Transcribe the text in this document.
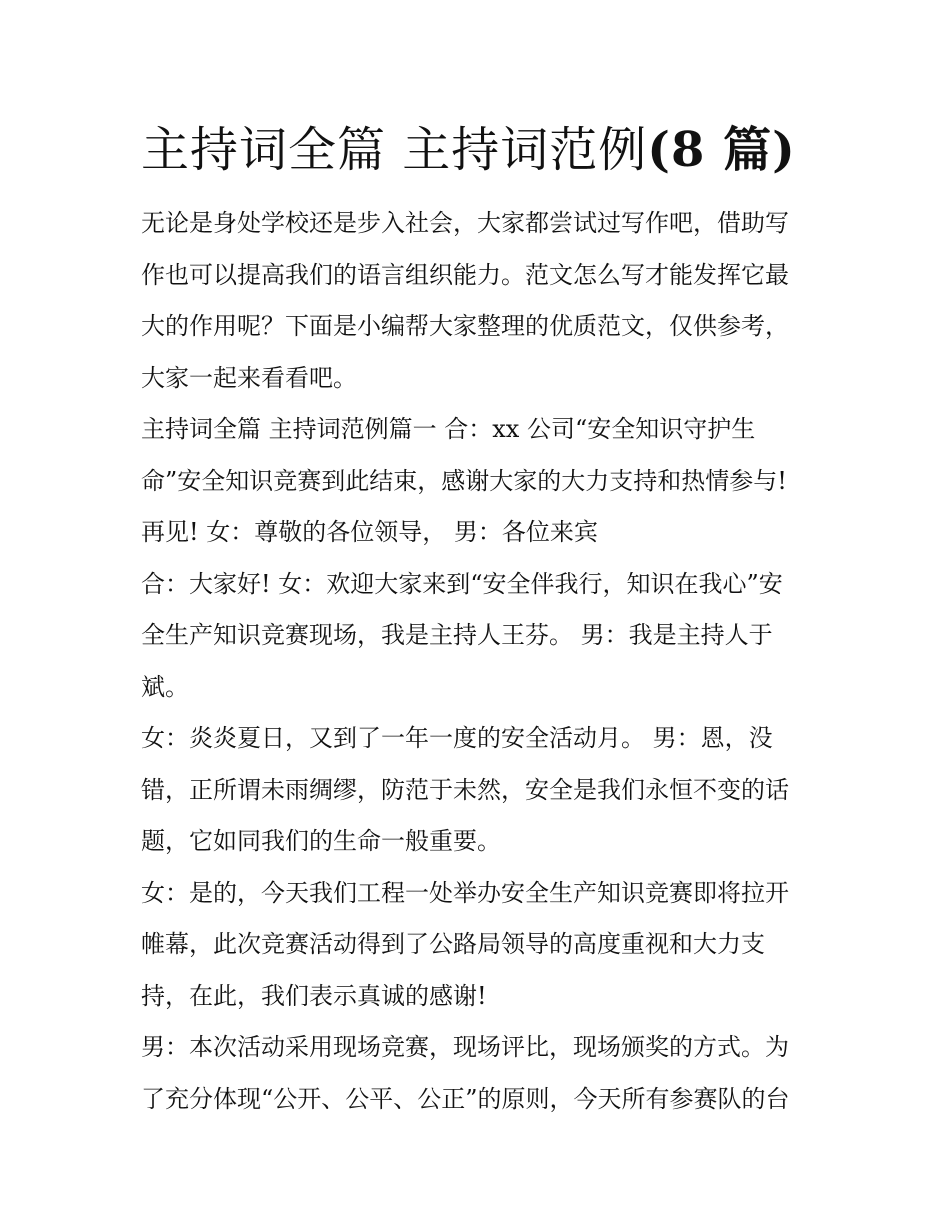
主持词全篇 主持词范例(8 篇)

无论是身处学校还是步入社会，大家都尝试过写作吧，借助写

作也可以提高我们的语言组织能力。范文怎么写才能发挥它最

大的作用呢？下面是小编帮大家整理的优质范文，仅供参考，

大家一起来看看吧。

主持词全篇 主持词范例篇一 合：xx 公司“安全知识守护生

命”安全知识竞赛到此结束，感谢大家的大力支持和热情参与!

再见! 女：尊敬的各位领导， 男：各位来宾

合：大家好! 女：欢迎大家来到“安全伴我行，知识在我心”安

全生产知识竞赛现场，我是主持人王芬。 男：我是主持人于

斌。

女：炎炎夏日，又到了一年一度的安全活动月。 男：恩，没

错，正所谓未雨绸缪，防范于未然，安全是我们永恒不变的话

题，它如同我们的生命一般重要。

女：是的，今天我们工程一处举办安全生产知识竞赛即将拉开

帷幕，此次竞赛活动得到了公路局领导的高度重视和大力支

持，在此，我们表示真诚的感谢!

男：本次活动采用现场竞赛，现场评比，现场颁奖的方式。为

了充分体现“公开、公平、公正”的原则，今天所有参赛队的台
